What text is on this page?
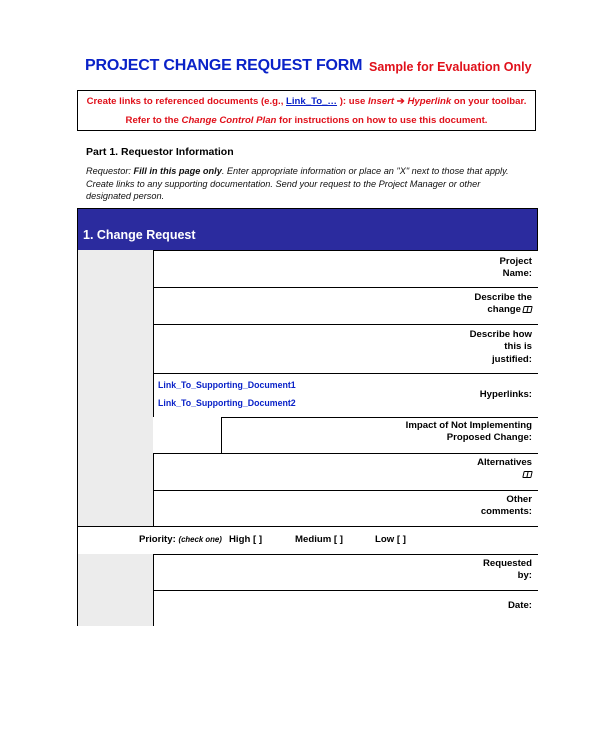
PROJECT CHANGE REQUEST FORM Sample for Evaluation Only
Create links to referenced documents (e.g., Link_To_… ): use Insert ➔ Hyperlink on your toolbar.
Refer to the Change Control Plan for instructions on how to use this document.
Part 1. Requestor Information
Requestor: Fill in this page only. Enter appropriate information or place an "X" next to those that apply.
Create links to any supporting documentation. Send your request to the Project Manager or other
designated person.
1. Change Request
Project
Name:
Describe the
change
Describe how
this is
justified:
Hyperlinks:
Link_To_Supporting_Document1
Link_To_Supporting_Document2
Impact of Not Implementing
Proposed Change:
Alternatives

Other
comments:
Priority: (check one) High [ ]	Medium [ ]	Low [ ]
Requested
by:
Date:
